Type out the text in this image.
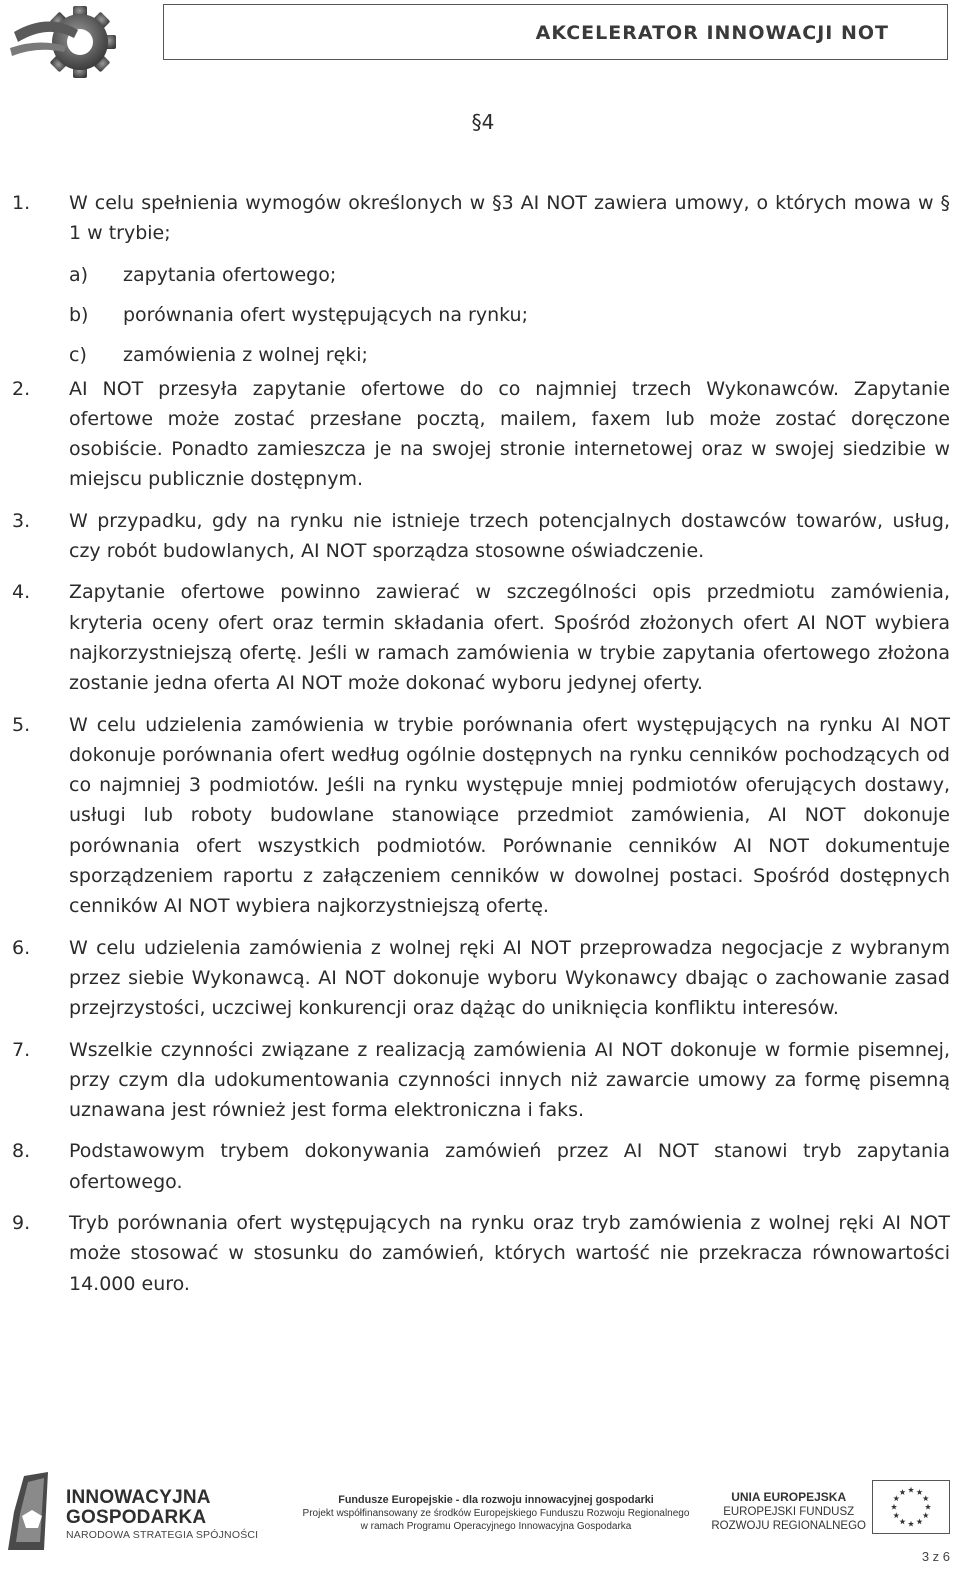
AKCELERATOR INNOWACJI NOT
§4
1. W celu spełnienia wymogów określonych w §3 AI NOT zawiera umowy, o których mowa w § 1 w trybie;

a) zapytania ofertowego;
b) porównania ofert występujących na rynku;
c) zamówienia z wolnej ręki;
2. AI NOT przesyła zapytanie ofertowe do co najmniej trzech Wykonawców. Zapytanie ofertowe może zostać przesłane pocztą, mailem, faxem lub może zostać doręczone osobiście. Ponadto zamieszcza je na swojej stronie internetowej oraz w swojej siedzibie w miejscu publicznie dostępnym.

3. W przypadku, gdy na rynku nie istnieje trzech potencjalnych dostawców towarów, usług, czy robót budowlanych, AI NOT sporządza stosowne oświadczenie.

4. Zapytanie ofertowe powinno zawierać w szczególności opis przedmiotu zamówienia, kryteria oceny ofert oraz termin składania ofert. Spośród złożonych ofert AI NOT wybiera najkorzystniejszą ofertę. Jeśli w ramach zamówienia w trybie zapytania ofertowego złożona zostanie jedna oferta AI NOT może dokonać wyboru jedynej oferty.

5. W celu udzielenia zamówienia w trybie porównania ofert występujących na rynku AI NOT dokonuje porównania ofert według ogólnie dostępnych na rynku cenników pochodzących od co najmniej 3 podmiotów. Jeśli na rynku występuje mniej podmiotów oferujących dostawy, usługi lub roboty budowlane stanowiące przedmiot zamówienia, AI NOT dokonuje porównania ofert wszystkich podmiotów. Porównanie cenników AI NOT dokumentuje sporządzeniem raportu z załączeniem cenników w dowolnej postaci. Spośród dostępnych cenników AI NOT wybiera najkorzystniejszą ofertę.

6. W celu udzielenia zamówienia z wolnej ręki AI NOT przeprowadza negocjacje z wybranym przez siebie Wykonawcą. AI NOT dokonuje wyboru Wykonawcy dbając o zachowanie zasad przejrzystości, uczciwej konkurencji oraz dążąc do uniknięcia konfliktu interesów.

7. Wszelkie czynności związane z realizacją zamówienia AI NOT dokonuje w formie pisemnej, przy czym dla udokumentowania czynności innych niż zawarcie umowy za formę pisemną uznawana jest również jest forma elektroniczna i faks.

8. Podstawowym trybem dokonywania zamówień przez AI NOT stanowi tryb zapytania ofertowego.

9. Tryb porównania ofert występujących na rynku oraz tryb zamówienia z wolnej ręki AI NOT może stosować w stosunku do zamówień, których wartość nie przekracza równowartości 14.000 euro.

INNOWACYJNA
GOSPODARKA
NARODOWA STRATEGIA SPÓJNOŚCI
Fundusze Europejskie - dla rozwoju innowacyjnej gospodarki
Projekt współfinansowany ze środków Europejskiego Funduszu Rozwoju Regionalnego
w ramach Programu Operacyjnego Innowacyjna Gospodarka
UNIA EUROPEJSKA
EUROPEJSKI FUNDUSZ
ROZWOJU REGIONALNEGO
3 z 6
